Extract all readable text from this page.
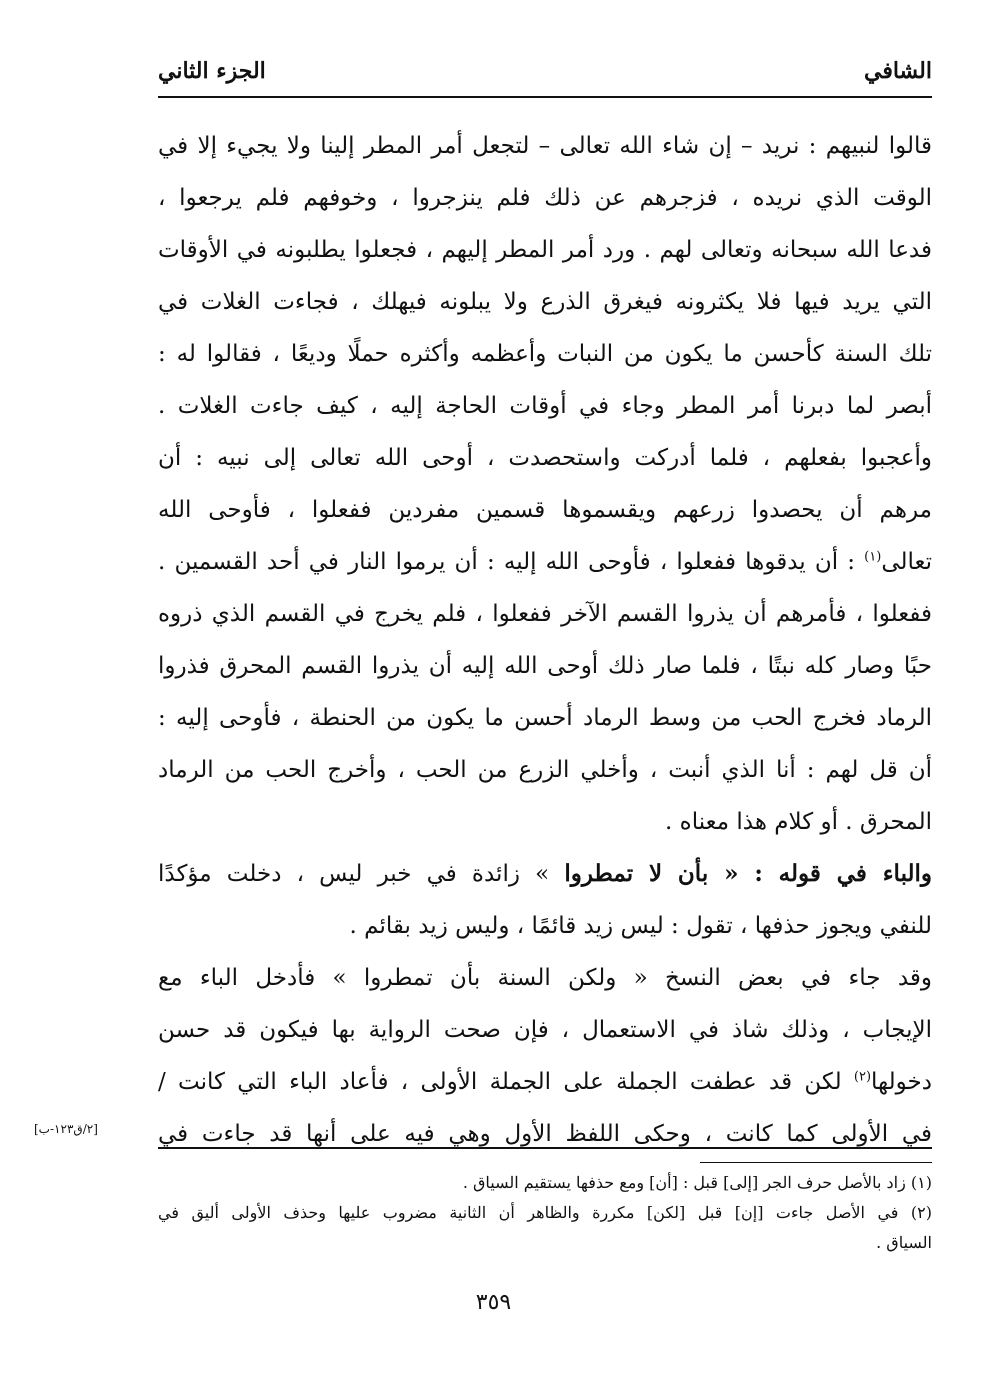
الشافي
الجزء الثاني
قالوا لنبيهم : نريد – إن شاء الله تعالى – لتجعل أمر المطر إلينا ولا يجيء إلا في
الوقت الذي نريده ، فزجرهم عن ذلك فلم ينزجروا ، وخوفهم فلم يرجعوا ،
فدعا الله سبحانه وتعالى لهم . ورد أمر المطر إليهم ، فجعلوا يطلبونه في الأوقات
التي يريد فيها فلا يكثرونه فيغرق الذرع ولا يبلونه فيهلك ، فجاءت الغلات في
تلك السنة كأحسن ما يكون من النبات وأعظمه وأكثره حملًا وديعًا ، فقالوا له :
أبصر لما دبرنا أمر المطر وجاء في أوقات الحاجة إليه ، كيف جاءت الغلات .
وأعجبوا بفعلهم ، فلما أدركت واستحصدت ، أوحى الله تعالى إلى نبيه : أن
مرهم أن يحصدوا زرعهم ويقسموها قسمين مفردين ففعلوا ، فأوحى الله
تعالى$^{(١)}$ : أن يدقوها ففعلوا ، فأوحى الله إليه : أن يرموا النار في أحد القسمين .
ففعلوا ، فأمرهم أن يذروا القسم الآخر ففعلوا ، فلم يخرج في القسم الذي ذروه
حبًا وصار كله نبتًا ، فلما صار ذلك أوحى الله إليه أن يذروا القسم المحرق فذروا
الرماد فخرج الحب من وسط الرماد أحسن ما يكون من الحنطة ، فأوحى إليه :
أن قل لهم : أنا الذي أنبت ، وأخلي الزرع من الحب ، وأخرج الحب من الرماد
المحرق . أو كلام هذا معناه .
والباء في قوله : « بأن لا تمطروا » زائدة في خبر ليس ، دخلت مؤكدًا
للنفي ويجوز حذفها ، تقول : ليس زيد قائمًا ، وليس زيد بقائم .
وقد جاء في بعض النسخ « ولكن السنة بأن تمطروا » فأدخل الباء مع
الإيجاب ، وذلك شاذ في الاستعمال ، فإن صحت الرواية بها فيكون قد حسن
دخولها$^{(٢)}$ لكن قد عطفت الجملة على الجملة الأولى ، فأعاد الباء التي كانت /
في الأولى كما كانت ، وحكى اللفظ الأول وهي فيه على أنها قد جاءت في
[٢/ق١٢٣-ب]
(١) زاد بالأصل حرف الجر [إلى] قبل : [أن] ومع حذفها يستقيم السياق .
(٢) في الأصل جاءت [إن] قبل [لكن] مكررة والظاهر أن الثانية مضروب عليها وحذف الأولى أليق في
السياق .
٣٥٩
